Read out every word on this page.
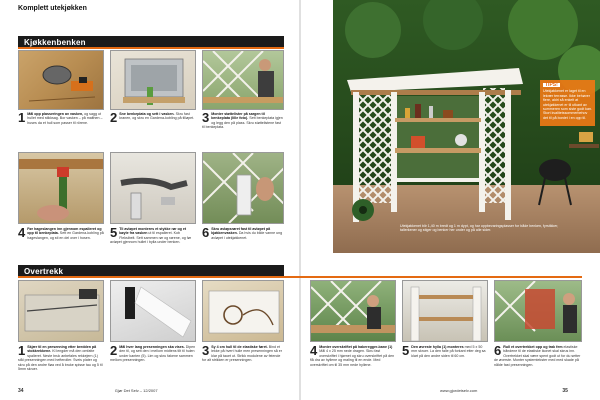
Komplett utekjøkken
Kjøkkenbenken
1 Mål opp plasseringen av vasken, og sagg ut hullet med stikksag. Bor vasken – på malthen – huses da et hull som passer til rörene.	2 Sne benkeplata og sett i vasken. Skru fast kranen, og skru en Gardena-kobling på tilløpet. 3 Monter støttelister på sargen til benkeplata (lille foto). Sett benkeplata igjen og legg den på plass. Skru støttelistene fast til benkeplata.
4 Før hageslangen inn gjennom espalieret og opp til benkeplata. Sett en Gardena-kobling på hageslangen, og sti en del over i hosen.	5 Til avløpet monteres et stykke rør og et bøyle fra vasken ut til espalieret. Kob Fleksibelt. Sett sammen rør og rørene, og før avløpet gjennom hullet i bylla under benken.
6 Skru avløpsrøret fast til avløpet på kjøkkenvasken. Da hvis du bilde vanne ung avløpet i utekjøkkenet.
Utekjøkkenet blir 1,40 m bredt og 1 m dypt, og har oppbevaringsplasser for både benken, fyrstikker, tallerkener og stiger og benker her under og på alle sider.
TIPS!
Utekjøkkenet er laget til en lekrær terrasse. Ikke behøver flere, aldri så enkelt at utekjøkkenet er til utkant av summeren som siste godt kan. Stort kvalitetssommerbehov det til på bordet i en opp til.
Overtrekk
1 Skjær til en presenning etter bredden på stokkrekkene. Kl lengder må den omfatte spalieret. Neste bruk anbefales rekkejern (1) stål presenningen med hefteroller. Sveis plater og skru på den andre fløa ved å bruke spisse tau og 5 til 5mm skruer.
2 Mål hver lang presenningen ska vises. Dipen den til, og sett den i mellom midtens tilt til hulen under kanten (5). Lim og skru fakene sammen mellom presenningen.
3 Sy 4 cm hull til de elastiske føret. Bind et lekke på hvert hulle men presenningen så er klar på tauet ut. Strikk modulene av feiende for alt strikken er presenningen.
4 Monter overskriftet på hakeregger-bane (1) Mål 4 x 25 mm nede dragen. Skru fast overskriftet i hjørnet og skru overskriftet på den flå dra av hyllene og maling til en ende. Med overskriftet om til 35 mm nede hyllene.
5 Den øvreste hylla (1) monteres med 5 x 50 mm skruer. La den falle på forkant etter deg sa klart på den andre siden til 60 cm.	6 Rull et overtrekket opp og trak fem elastiske båndene til de elastiske ikonet skal skrus inn. Overtrekket skal være spent godt ut for du setter de øverste. Monter systemtekster med med skade på nålde fast presenningen.
34	Gjør Det Selv – 12/2007	www.gjordetselv.com	35
